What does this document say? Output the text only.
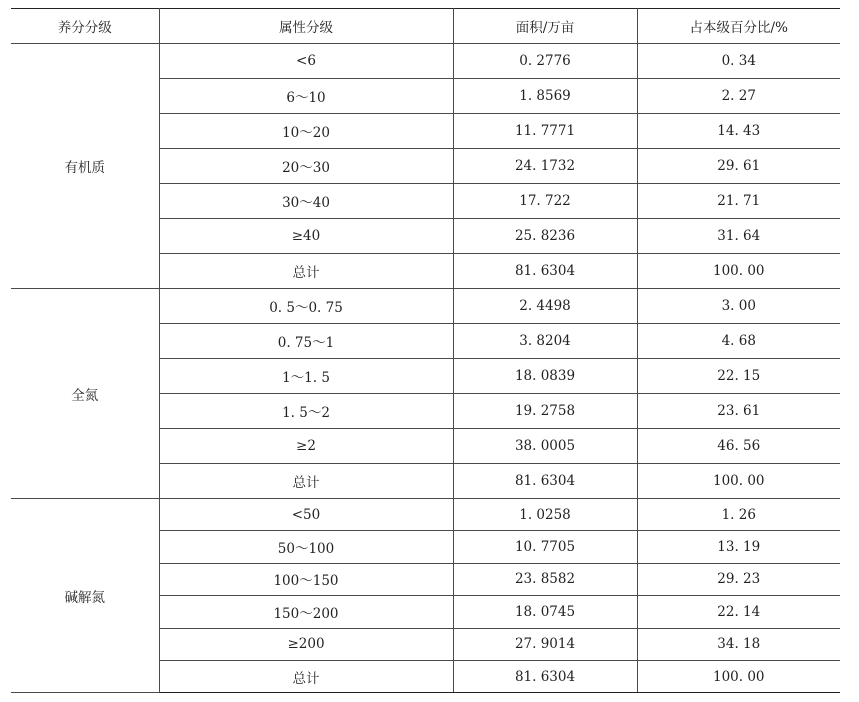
养分分级	属性分级	面积/万亩	占本级百分比/%
有机质	<6	0. 2776	0. 34
	6～10	1. 8569	2. 27
	10～20	11. 7771	14. 43
	20～30	24. 1732	29. 61
	30～40	17. 722	21. 71
	≥40	25. 8236	31. 64
	总计	81. 6304	100. 00
全氮	0. 5～0. 75	2. 4498	3. 00
	0. 75～1	3. 8204	4. 68
	1～1. 5	18. 0839	22. 15
	1. 5～2	19. 2758	23. 61
	≥2	38. 0005	46. 56
	总计	81. 6304	100. 00
碱解氮	<50	1. 0258	1. 26
	50～100	10. 7705	13. 19
	100～150	23. 8582	29. 23
	150～200	18. 0745	22. 14
	≥200	27. 9014	34. 18
	总计	81. 6304	100. 00
